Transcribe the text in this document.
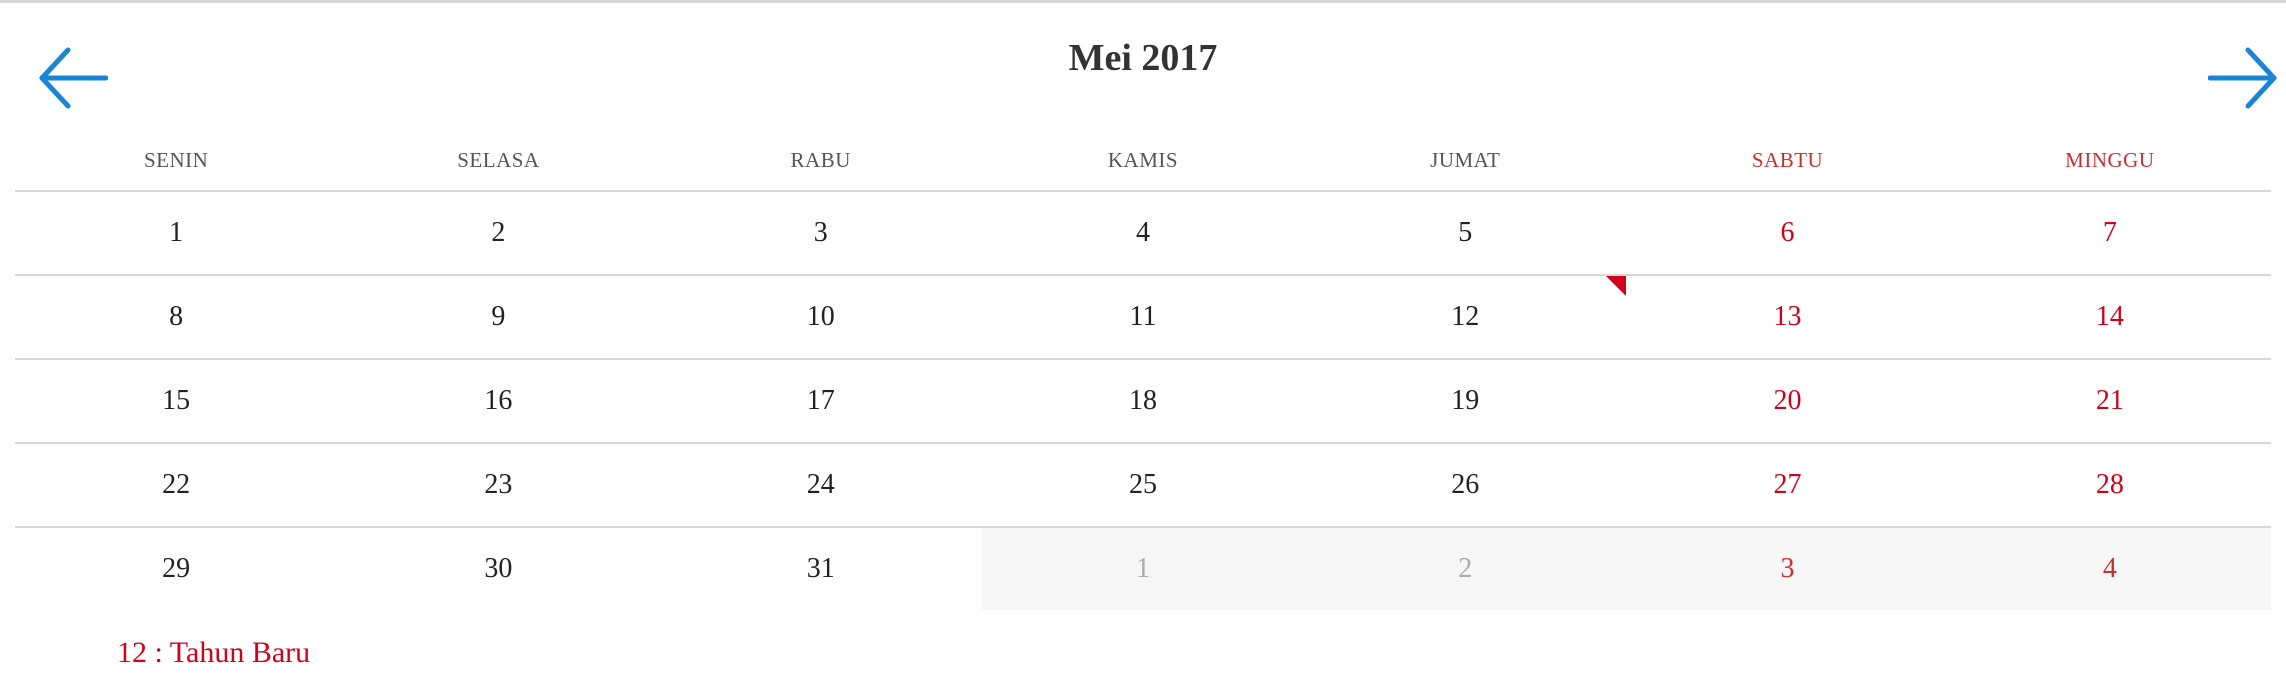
Mei 2017
SENIN	SELASA	RABU	KAMIS	JUMAT	SABTU	MINGGU
1	2	3	4	5	6	7
8	9	10	11	12	13	14
15	16	17	18	19	20	21
22	23	24	25	26	27	28
29	30	31	1	2	3	4
12 : Tahun Baru
